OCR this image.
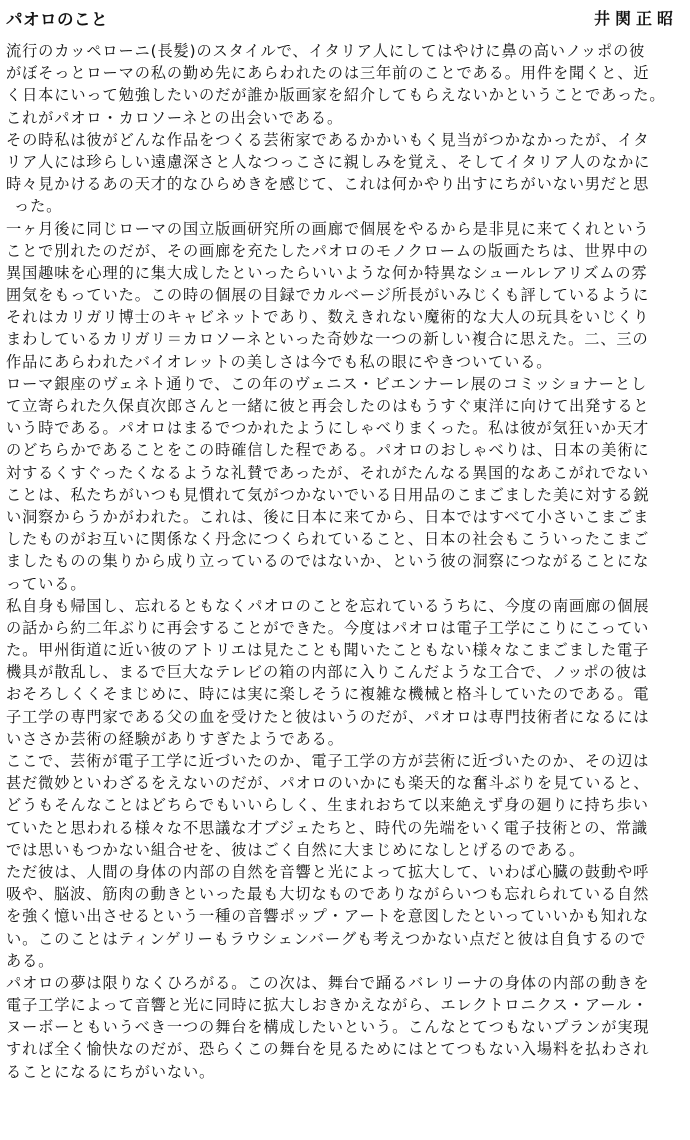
パオロのこと	井関正昭
流行のカッペローニ(長髪)のスタイルで、イタリア人にしてはやけに鼻の高いノッポの彼
がぼそっとローマの私の勤め先にあらわれたのは三年前のことである。用件を聞くと、近
く日本にいって勉強したいのだが誰か版画家を紹介してもらえないかということであった。
これがパオロ・カロソーネとの出会いである。
その時私は彼がどんな作品をつくる芸術家であるかかいもく見当がつかなかったが、イタ
リア人には珍らしい遠慮深さと人なつっこさに親しみを覚え、そしてイタリア人のなかに
時々見かけるあの天才的なひらめきを感じて、これは何かやり出すにちがいない男だと思
った。
一ヶ月後に同じローマの国立版画研究所の画廊で個展をやるから是非見に来てくれという
ことで別れたのだが、その画廊を充たしたパオロのモノクロームの版画たちは、世界中の
異国趣味を心理的に集大成したといったらいいような何か特異なシュールレアリズムの雰
囲気をもっていた。この時の個展の目録でカルベージ所長がいみじくも評しているように
それはカリガリ博士のキャビネットであり、数えきれない魔術的な大人の玩具をいじくり
まわしているカリガリ＝カロソーネといった奇妙な一つの新しい複合に思えた。二、三の
作品にあらわれたバイオレットの美しさは今でも私の眼にやきついている。
ローマ銀座のヴェネト通りで、この年のヴェニス・ビエンナーレ展のコミッショナーとし
て立寄られた久保貞次郎さんと一緒に彼と再会したのはもうすぐ東洋に向けて出発すると
いう時である。パオロはまるでつかれたようにしゃべりまくった。私は彼が気狂いか天才
のどちらかであることをこの時確信した程である。パオロのおしゃべりは、日本の美術に
対するくすぐったくなるような礼賛であったが、それがたんなる異国的なあこがれでない
ことは、私たちがいつも見慣れて気がつかないでいる日用品のこまごました美に対する鋭
い洞察からうかがわれた。これは、後に日本に来てから、日本ではすべて小さいこまごま
したものがお互いに関係なく丹念につくられていること、日本の社会もこういったこまご
ましたものの集りから成り立っているのではないか、という彼の洞察につながることにな
っている。
私自身も帰国し、忘れるともなくパオロのことを忘れているうちに、今度の南画廊の個展
の話から約二年ぶりに再会することができた。今度はパオロは電子工学にこりにこってい
た。甲州街道に近い彼のアトリエは見たことも聞いたこともない様々なこまごました電子
機具が散乱し、まるで巨大なテレビの箱の内部に入りこんだような工合で、ノッポの彼は
おそろしくくそまじめに、時には実に楽しそうに複雑な機械と格斗していたのである。電
子工学の専門家である父の血を受けたと彼はいうのだが、パオロは専門技術者になるには
いささか芸術の経験がありすぎたようである。
ここで、芸術が電子工学に近づいたのか、電子工学の方が芸術に近づいたのか、その辺は
甚だ微妙といわざるをえないのだが、パオロのいかにも楽天的な奮斗ぶりを見ていると、
どうもそんなことはどちらでもいいらしく、生まれおちて以来絶えず身の廻りに持ち歩い
ていたと思われる様々な不思議な才ブジェたちと、時代の先端をいく電子技術との、常識
では思いもつかない組合せを、彼はごく自然に大まじめになしとげるのである。
ただ彼は、人間の身体の内部の自然を音響と光によって拡大して、いわば心臓の鼓動や呼
吸や、脳波、筋肉の動きといった最も大切なものでありながらいつも忘れられている自然
を強く憶い出させるという一種の音響ポップ・アートを意図したといっていいかも知れな
い。このことはティンゲリーもラウシェンバーグも考えつかない点だと彼は自負するので
ある。
パオロの夢は限りなくひろがる。この次は、舞台で踊るバレリーナの身体の内部の動きを
電子工学によって音響と光に同時に拡大しおきかえながら、エレクトロニクス・アール・
ヌーボーともいうべき一つの舞台を構成したいという。こんなとてつもないプランが実現
すれば全く愉快なのだが、恐らくこの舞台を見るためにはとてつもない入場料を払わされ
ることになるにちがいない。
